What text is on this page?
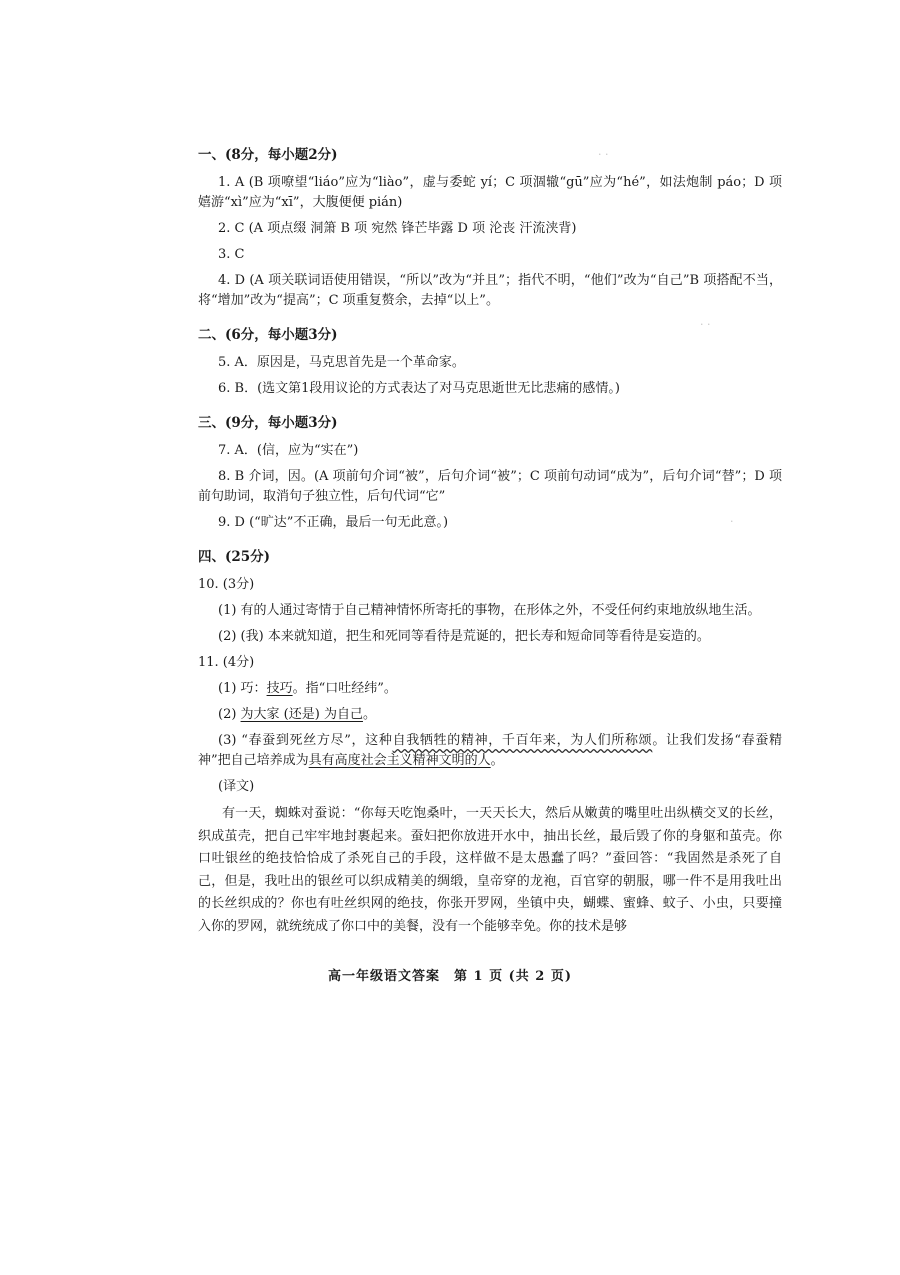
一、(8分，每小题2分)
1. A (B 项嘹望“liáo”应为“liào”，虚与委蛇 yí；C 项涸辙“gū”应为“hé”，如法炮制 páo；D 项嬉游“xì”应为“xī”，大腹便便 pián)
2. C (A 项点缀 洞箫 B 项 宛然 锋芒毕露 D 项 沦丧 汗流浃背)
3. C
4. D (A 项关联词语使用错误，“所以”改为“并且”；指代不明，“他们”改为“自己”B 项搭配不当，将“增加”改为“提高”；C 项重复赘余，去掉“以上”。
二、(6分，每小题3分)
5. A．原因是，马克思首先是一个革命家。
6. B．(选文第1段用议论的方式表达了对马克思逝世无比悲痛的感情。)
三、(9分，每小题3分)
7. A．(信，应为“实在”)
8. B 介词，因。(A 项前句介词“被”，后句介词“被”；C 项前句动词“成为”，后句介词“替”；D 项前句助词，取消句子独立性，后句代词“它”
9. D (“旷达”不正确，最后一句无此意。)
四、(25分)
10. (3分)
(1) 有的人通过寄情于自己精神情怀所寄托的事物，在形体之外，不受任何约束地放纵地生活。
(2) (我) 本来就知道，把生和死同等看待是荒诞的，把长寿和短命同等看待是妄造的。
11. (4分)
(1) 巧：技巧。指“口吐经纬”。
(2) 为大家 (还是) 为自己。
(3) “春蚕到死丝方尽”，这种自我牺牲的精神，千百年来，为人们所称颂。让我们发扬“春蚕精神”把自己培养成为具有高度社会主义精神文明的人。
(译文)
有一天，蜘蛛对蚕说：“你每天吃饱桑叶，一天天长大，然后从嫩黄的嘴里吐出纵横交叉的长丝，织成茧壳，把自己牢牢地封裹起来。蚕妇把你放进开水中，抽出长丝，最后毁了你的身躯和茧壳。你口吐银丝的绝技恰恰成了杀死自己的手段，这样做不是太愚蠢了吗？”蚕回答：“我固然是杀死了自己，但是，我吐出的银丝可以织成精美的绸缎，皇帝穿的龙袍，百官穿的朝服，哪一件不是用我吐出的长丝织成的？你也有吐丝织网的绝技，你张开罗网，坐镇中央，蝴蝶、蜜蜂、蚊子、小虫，只要撞入你的罗网，就统统成了你口中的美餐，没有一个能够幸免。你的技术是够
· ·
· ·
·
高一年级语文答案　第 1 页 (共 2 页)
